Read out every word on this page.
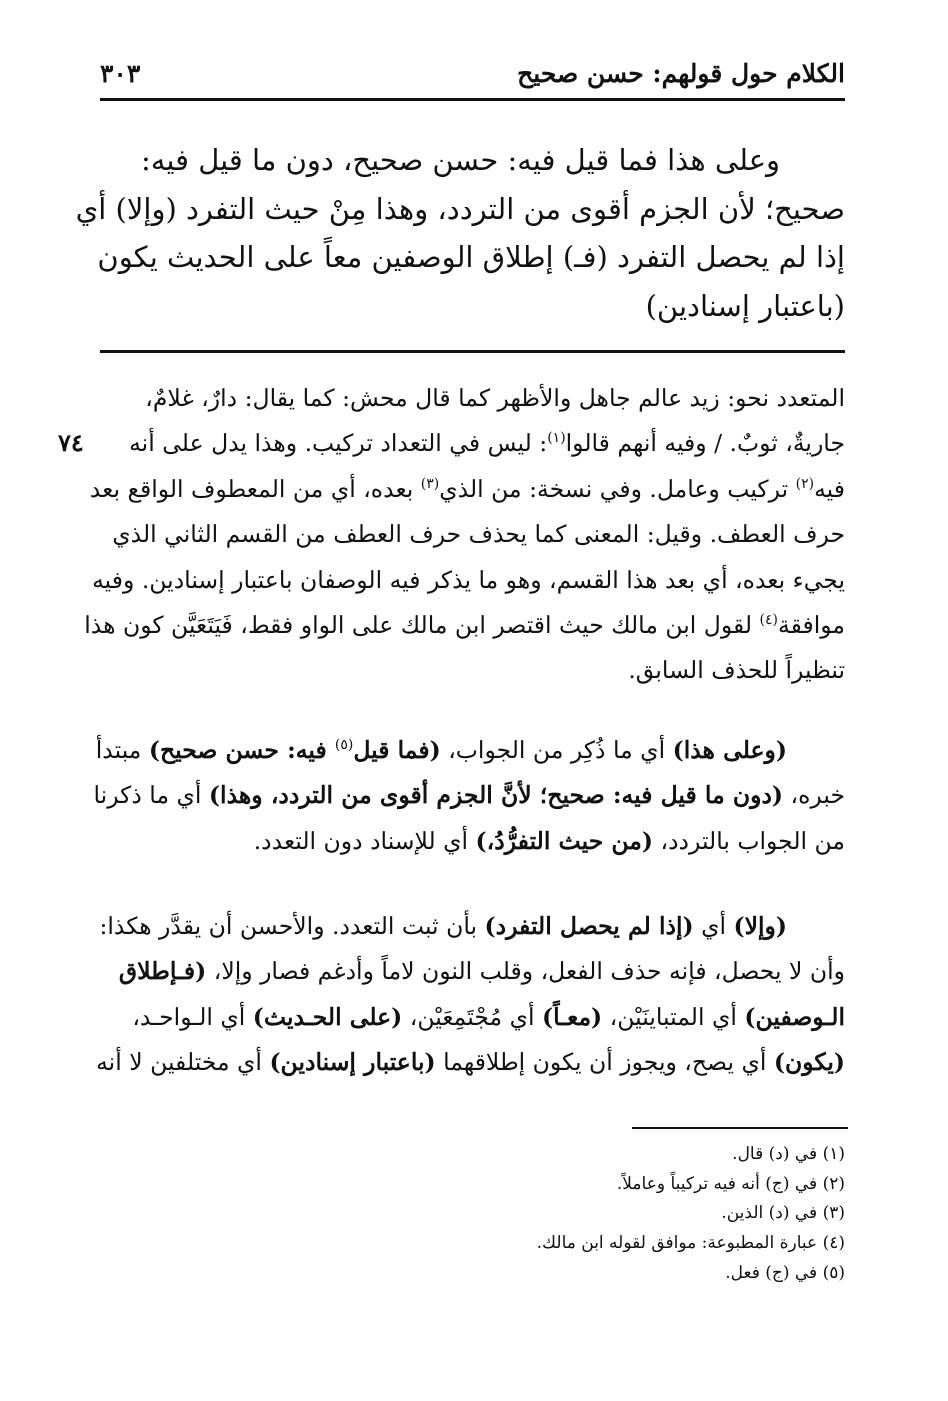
الكلام حول قولهم: حسن صحيح
٣٠٣
وعلى هذا فما قيل فيه: حسن صحيح، دون ما قيل فيه:
صحيح؛ لأن الجزم أقوى من التردد، وهذا مِنْ حيث التفرد (وإلا) أي
إذا لم يحصل التفرد (فـ) إطلاق الوصفين معاً على الحديث يكون
(باعتبار إسنادين)
٧٤
المتعدد نحو: زيد عالم جاهل والأظهر كما قال محش: كما يقال: دارٌ، غلامٌ،
جاريةٌ، ثوبٌ. / وفيه أنهم قالوا$^{(١)}$: ليس في التعداد تركيب. وهذا يدل على أنه
فيه$^{(٢)}$ تركيب وعامل. وفي نسخة: من الذي$^{(٣)}$ بعده، أي من المعطوف الواقع بعد
حرف العطف. وقيل: المعنى كما يحذف حرف العطف من القسم الثاني الذي
يجيء بعده، أي بعد هذا القسم، وهو ما يذكر فيه الوصفان باعتبار إسنادين. وفيه
موافقة$^{(٤)}$ لقول ابن مالك حيث اقتصر ابن مالك على الواو فقط، فَيَتَعَيَّن كون هذا
تنظيراً للحذف السابق.
(وعلى هذا) أي ما ذُكِر من الجواب، (فما قيل$^{(٥)}$ فيه: حسن صحيح) مبتدأ
خبره، (دون ما قيل فيه: صحيح؛ لأنَّ الجزم أقوى من التردد، وهذا) أي ما ذكرنا
من الجواب بالتردد، (من حيث التفرُّدُ،) أي للإسناد دون التعدد.
(وإلا) أي (إذا لم يحصل التفرد) بأن ثبت التعدد. والأحسن أن يقدَّر هكذا:
وأن لا يحصل، فإنه حذف الفعل، وقلب النون لاماً وأدغم فصار وإلا، (فـإطلاق
الـوصفين) أي المتباينَيْن، (معـاً) أي مُجْتَمِعَيْن، (على الحـديث) أي الـواحـد،
(يكون) أي يصح، ويجوز أن يكون إطلاقهما (باعتبار إسنادين) أي مختلفين لا أنه
(١) في (د) قال.
(٢) في (ج) أنه فيه تركيباً وعاملاً.
(٣) في (د) الذين.
(٤) عبارة المطبوعة: موافق لقوله ابن مالك.
(٥) في (ج) فعل.
